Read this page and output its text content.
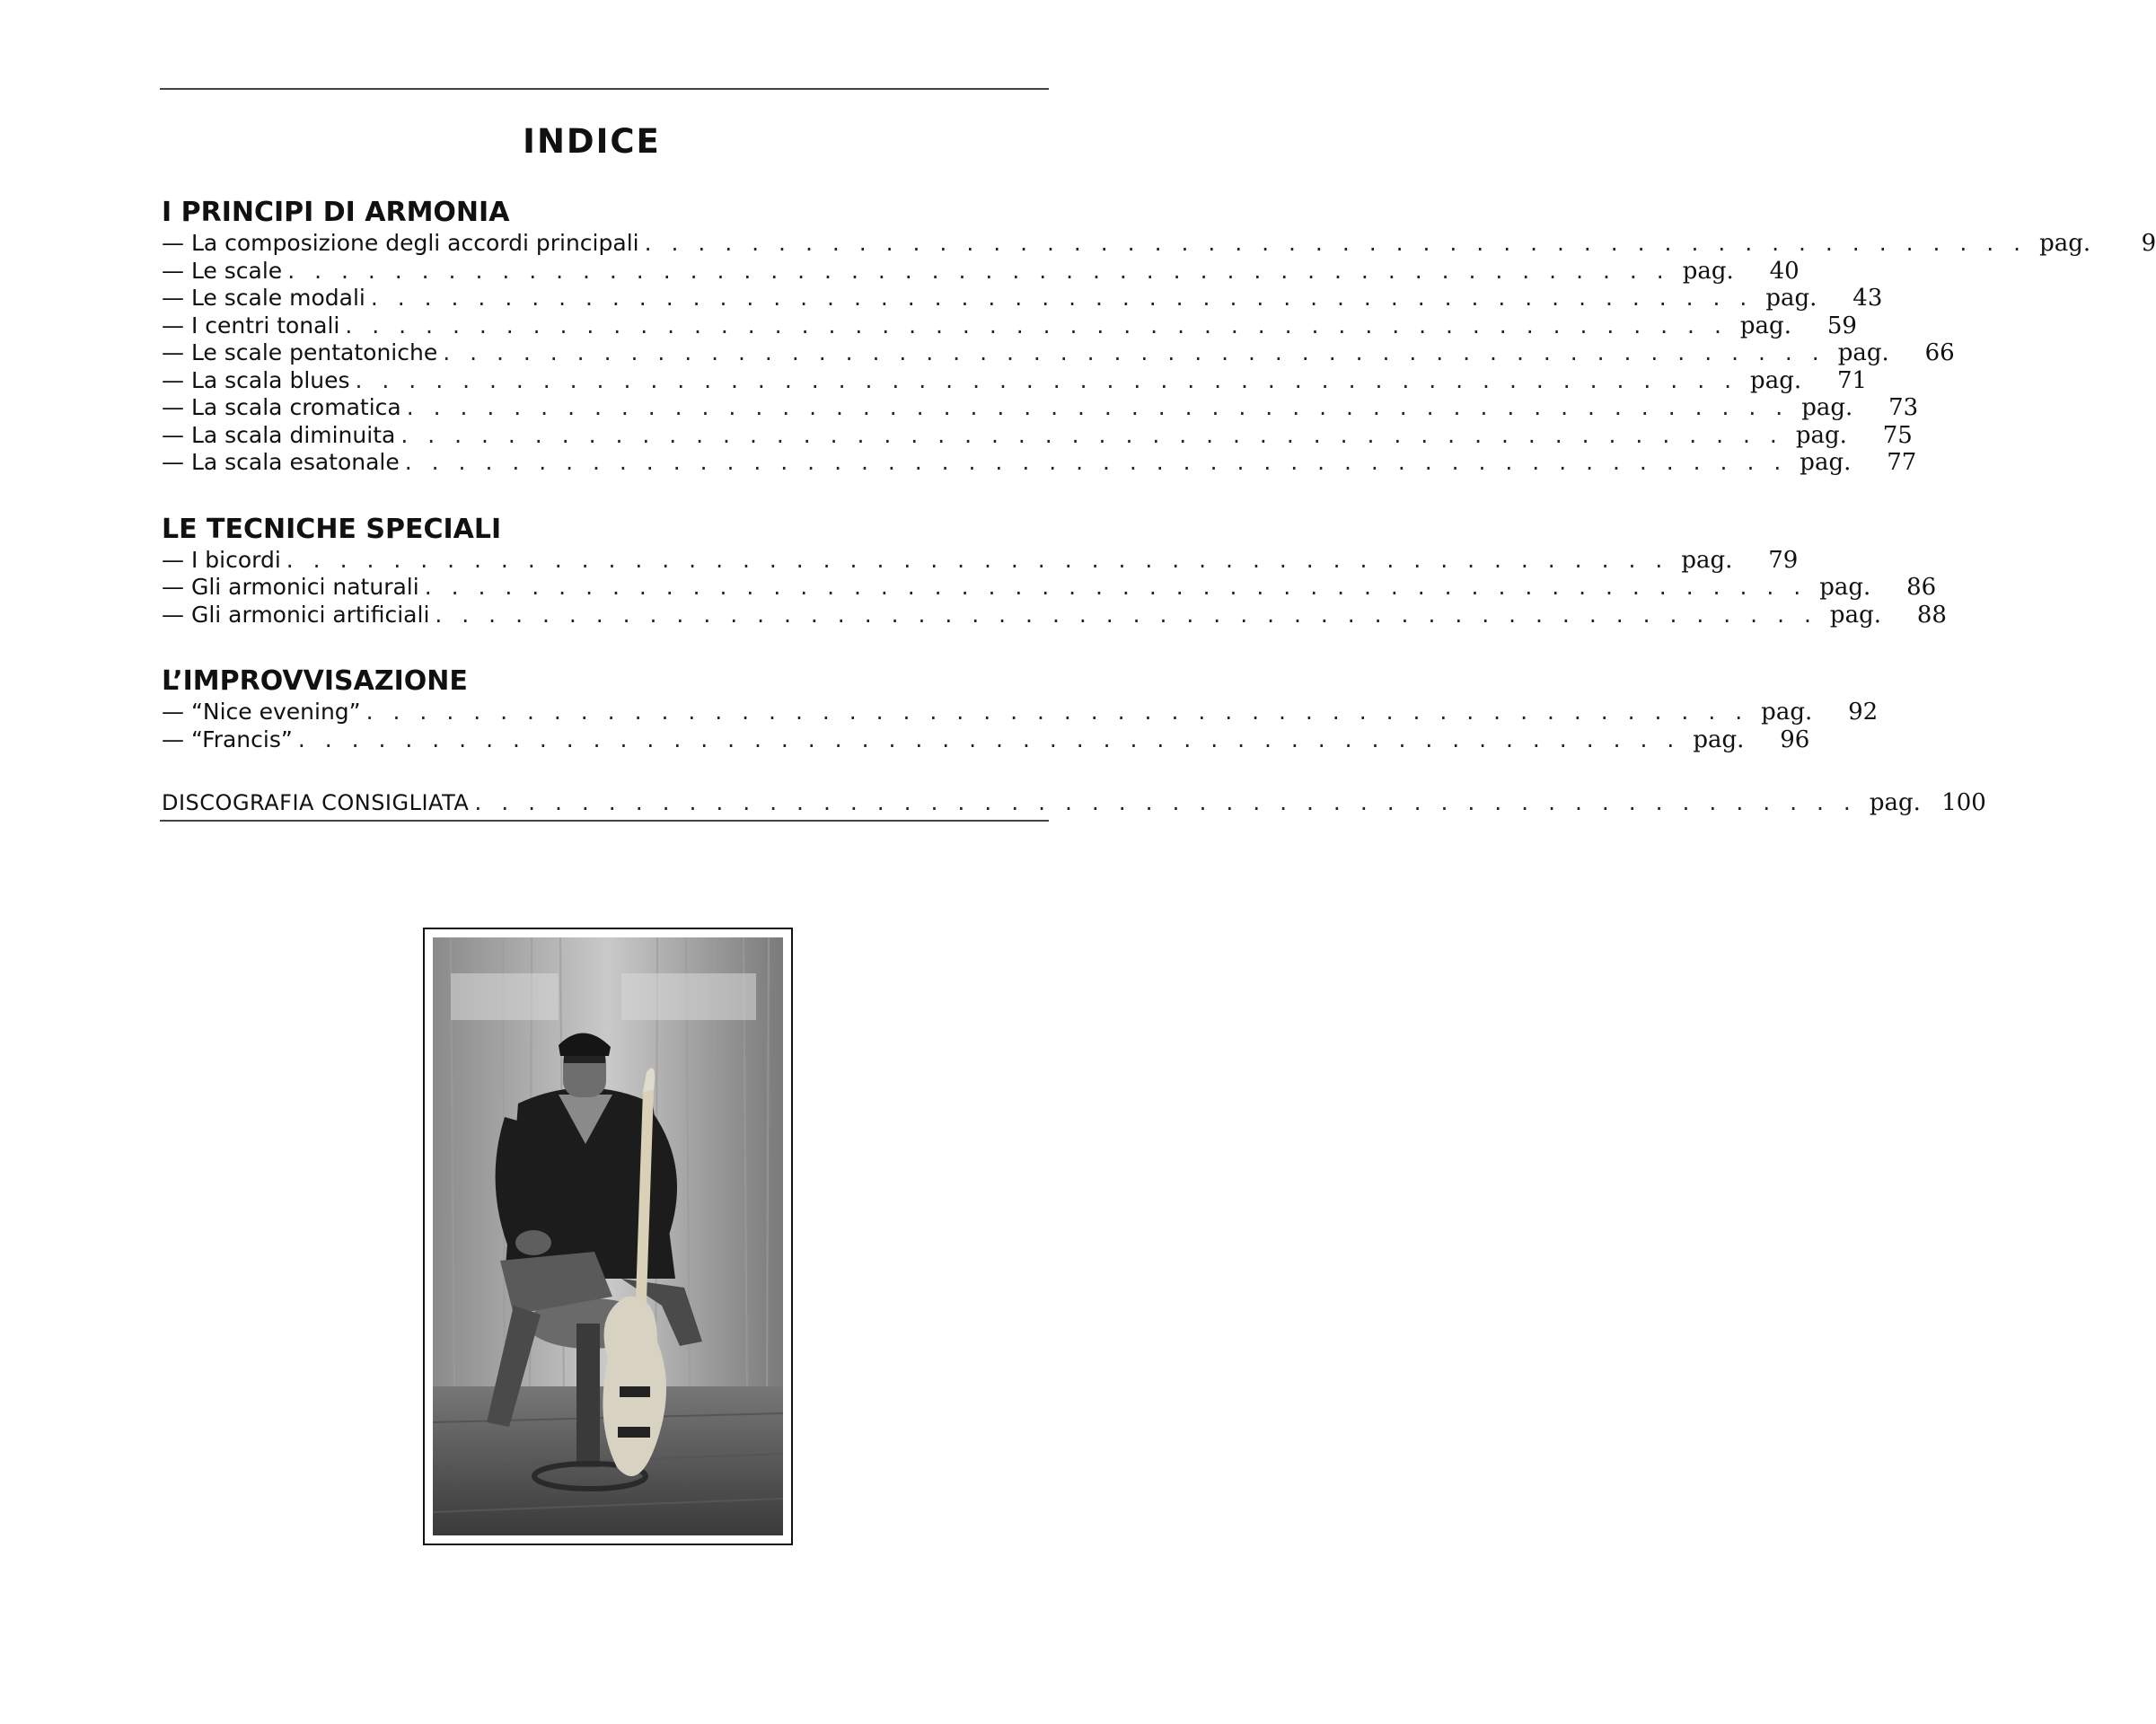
INDICE
I PRINCIPI DI ARMONIA
— La composizione degli accordi principali . . . . . . . . . . . . . . . . . . . . . . . . . . . . . . . . . . . . . . . . . . . . . . . . . . . . pag.	9
— Le scale . . . . . . . . . . . . . . . . . . . . . . . . . . . . . . . . . . . . . . . . . . . . . . . . . . . . pag.	40
— Le scale modali . . . . . . . . . . . . . . . . . . . . . . . . . . . . . . . . . . . . . . . . . . . . . . . . . . . . pag.	43
— I centri tonali . . . . . . . . . . . . . . . . . . . . . . . . . . . . . . . . . . . . . . . . . . . . . . . . . . . . pag.	59
— Le scale pentatoniche . . . . . . . . . . . . . . . . . . . . . . . . . . . . . . . . . . . . . . . . . . . . . . . . . . . . pag.	66
— La scala blues . . . . . . . . . . . . . . . . . . . . . . . . . . . . . . . . . . . . . . . . . . . . . . . . . . . . pag.	71
— La scala cromatica . . . . . . . . . . . . . . . . . . . . . . . . . . . . . . . . . . . . . . . . . . . . . . . . . . . . pag.	73
— La scala diminuita . . . . . . . . . . . . . . . . . . . . . . . . . . . . . . . . . . . . . . . . . . . . . . . . . . . . pag.	75
— La scala esatonale . . . . . . . . . . . . . . . . . . . . . . . . . . . . . . . . . . . . . . . . . . . . . . . . . . . . pag.	77
LE TECNICHE SPECIALI
— I bicordi . . . . . . . . . . . . . . . . . . . . . . . . . . . . . . . . . . . . . . . . . . . . . . . . . . . . pag.	79
— Gli armonici naturali . . . . . . . . . . . . . . . . . . . . . . . . . . . . . . . . . . . . . . . . . . . . . . . . . . . . pag.	86
— Gli armonici artificiali . . . . . . . . . . . . . . . . . . . . . . . . . . . . . . . . . . . . . . . . . . . . . . . . . . . . pag.	88
L’IMPROVVISAZIONE
— “Nice evening” . . . . . . . . . . . . . . . . . . . . . . . . . . . . . . . . . . . . . . . . . . . . . . . . . . . . pag.	92
— “Francis” . . . . . . . . . . . . . . . . . . . . . . . . . . . . . . . . . . . . . . . . . . . . . . . . . . . . pag.	96
DISCOGRAFIA CONSIGLIATA . . . . . . . . . . . . . . . . . . . . . . . . . . . . . . . . . . . . . . . . . . . . . . . . . . . . pag. 100
